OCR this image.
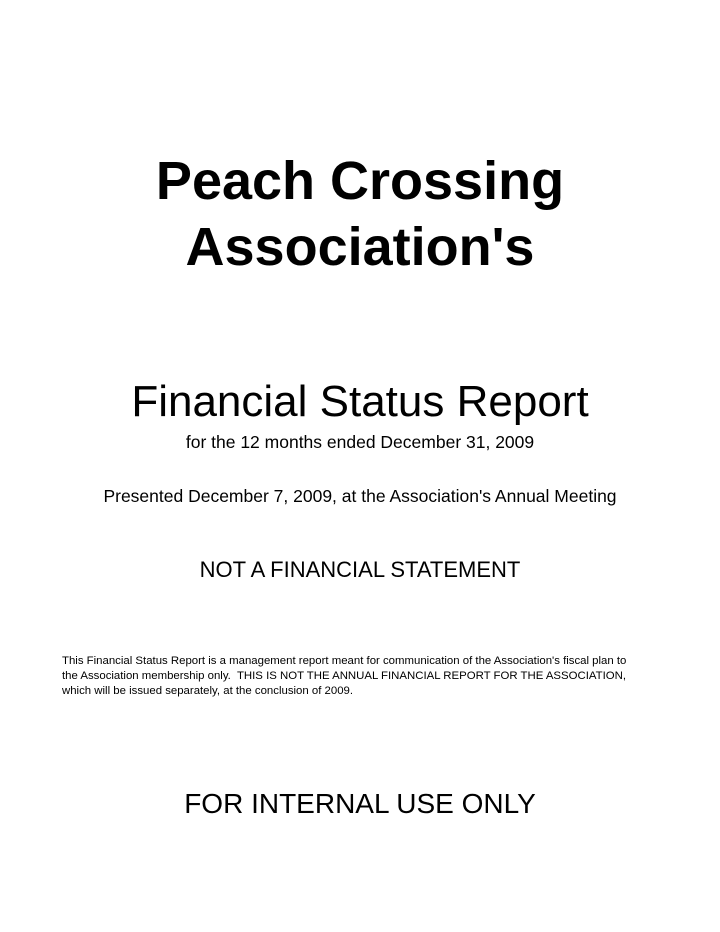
Peach Crossing
Association's
Financial Status Report

for the 12 months ended December 31, 2009

Presented December 7, 2009, at the Association's Annual Meeting

NOT A FINANCIAL STATEMENT

This Financial Status Report is a management report meant for communication of the Association's fiscal plan to
the Association membership only.  THIS IS NOT THE ANNUAL FINANCIAL REPORT FOR THE ASSOCIATION,
which will be issued separately, at the conclusion of 2009.

FOR INTERNAL USE ONLY
